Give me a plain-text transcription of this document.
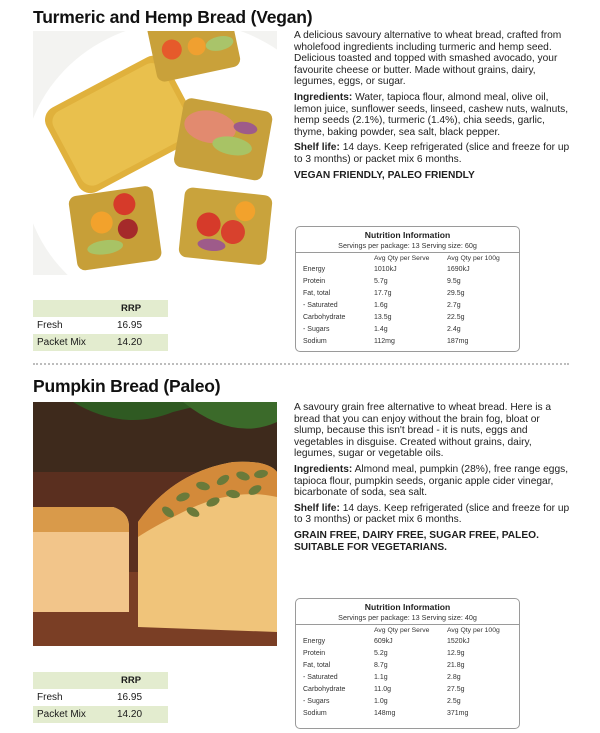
Turmeric and Hemp Bread (Vegan)

A delicious savoury alternative to wheat bread, crafted from wholefood ingredients including turmeric and hemp seed. Delicious toasted and topped with smashed avocado, your favourite cheese or butter. Made without grains, dairy, legumes, eggs, or sugar.

Ingredients: Water, tapioca flour, almond meal, olive oil, lemon juice, sunflower seeds, linseed, cashew nuts, walnuts, hemp seeds (2.1%), turmeric (1.4%), chia seeds, garlic, thyme, baking powder, sea salt, black pepper.

Shelf life: 14 days. Keep refrigerated (slice and freeze for up to 3 months) or packet mix 6 months.

VEGAN FRIENDLY, PALEO FRIENDLY

Nutrition Information
Servings per package: 13 Serving size: 60g
	Avg Qty per Serve	Avg Qty per 100g
Energy	1010kJ	1690kJ
Protein	5.7g	9.5g
Fat, total	17.7g	29.5g
- Saturated	1.6g	2.7g
Carbohydrate	13.5g	22.5g
- Sugars	1.4g	2.4g
Sodium	112mg	187mg
RRP
Fresh	16.95
Packet Mix	14.20
Pumpkin Bread (Paleo)

A savoury grain free alternative to wheat bread. Here is a bread that you can enjoy without the brain fog, bloat or slump, because this isn't bread - it is nuts, eggs and vegetables in disguise. Created without grains, dairy, legumes, sugar or vegetable oils.

Ingredients: Almond meal, pumpkin (28%), free range eggs, tapioca flour, pumpkin seeds, organic apple cider vinegar, bicarbonate of soda, sea salt.

Shelf life: 14 days. Keep refrigerated (slice and freeze for up to 3 months) or packet mix 6 months.

GRAIN FREE, DAIRY FREE, SUGAR FREE, PALEO. SUITABLE FOR VEGETARIANS.

Nutrition Information
Servings per package: 13 Serving size: 40g
	Avg Qty per Serve	Avg Qty per 100g
Energy	609kJ	1520kJ
Protein	5.2g	12.9g
Fat, total	8.7g	21.8g
- Saturated	1.1g	2.8g
Carbohydrate	11.0g	27.5g
- Sugars	1.0g	2.5g
Sodium	148mg	371mg
RRP
Fresh	16.95
Packet Mix	14.20
